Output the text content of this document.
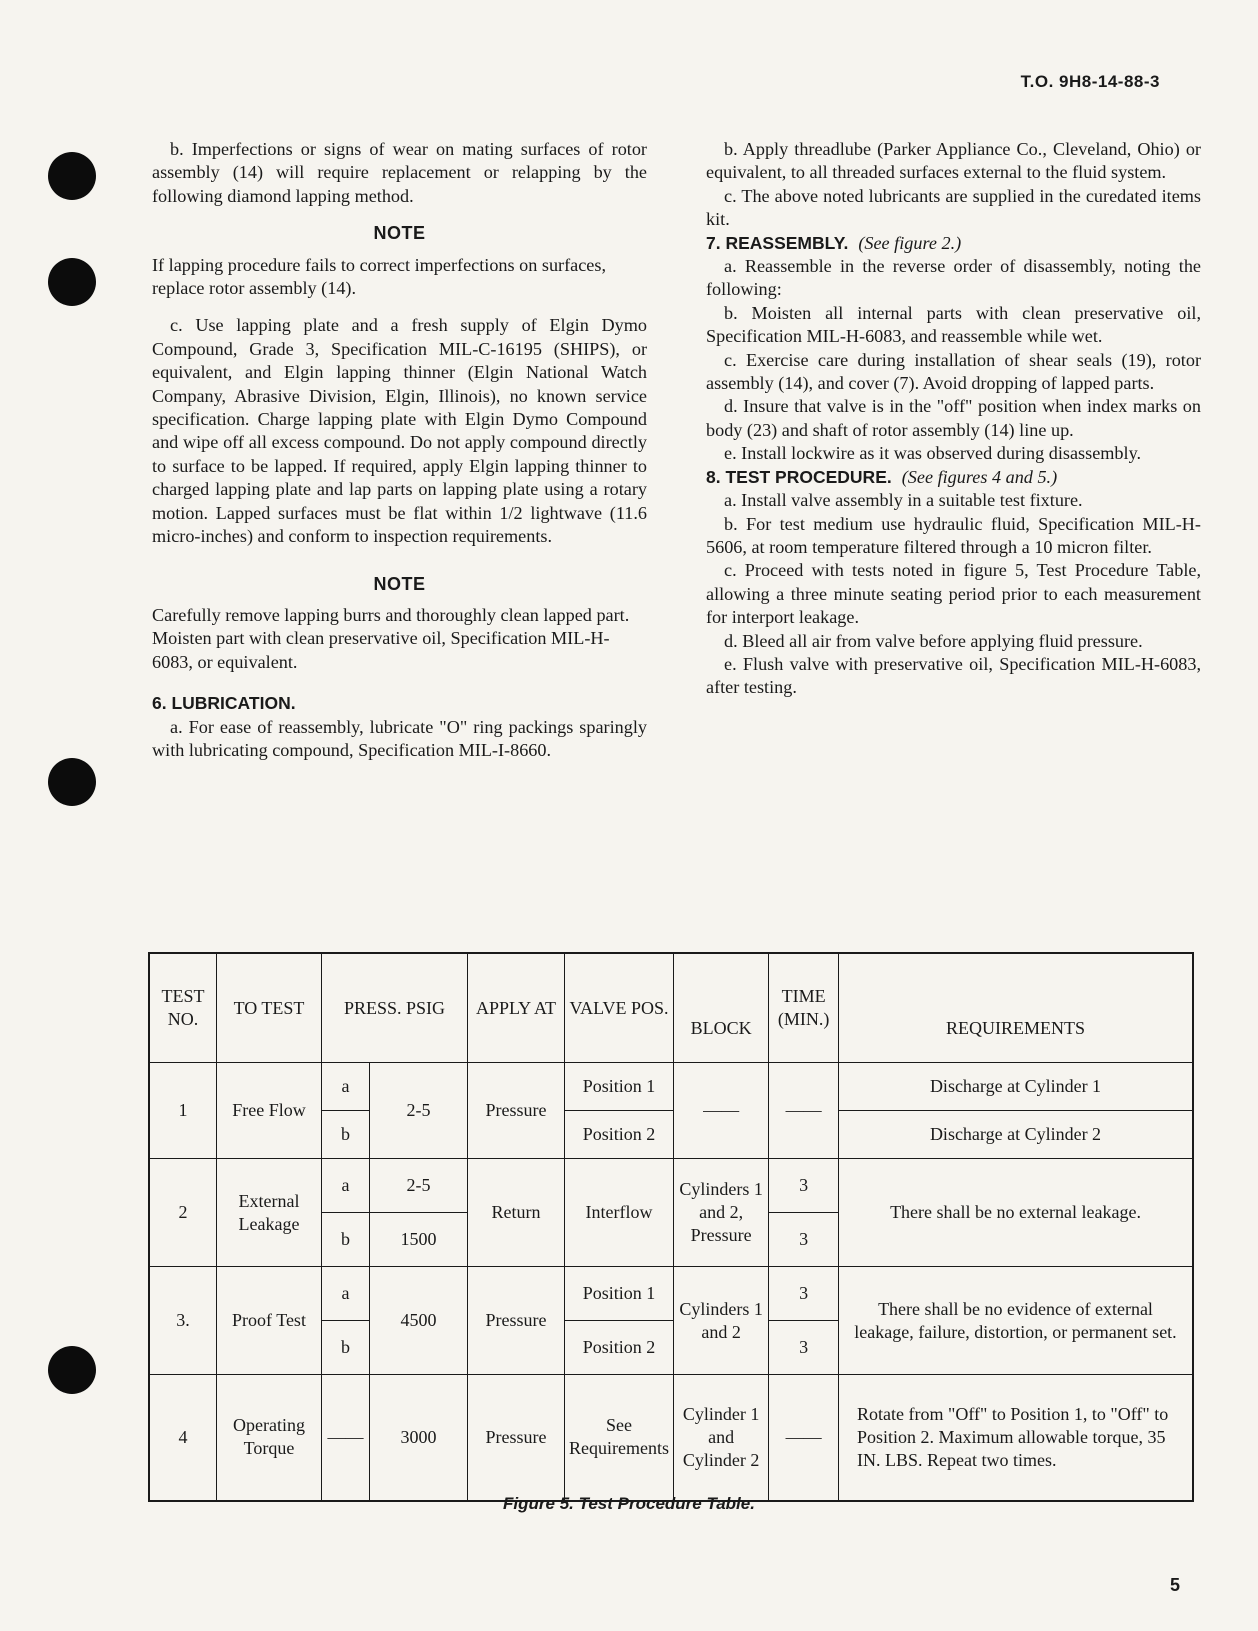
T.O. 9H8-14-88-3

b. Imperfections or signs of wear on mating surfaces of rotor assembly (14) will require replacement or relapping by the following diamond lapping method.

NOTE

If lapping procedure fails to correct imperfections on surfaces, replace rotor assembly (14).

c. Use lapping plate and a fresh supply of Elgin Dymo Compound, Grade 3, Specification MIL-C-16195 (SHIPS), or equivalent, and Elgin lapping thinner (Elgin National Watch Company, Abrasive Division, Elgin, Illinois), no known service specification. Charge lapping plate with Elgin Dymo Compound and wipe off all excess compound. Do not apply compound directly to surface to be lapped. If required, apply Elgin lapping thinner to charged lapping plate and lap parts on lapping plate using a rotary motion. Lapped surfaces must be flat within 1/2 lightwave (11.6 micro-inches) and conform to inspection requirements.

NOTE

Carefully remove lapping burrs and thoroughly clean lapped part. Moisten part with clean preservative oil, Specification MIL-H-6083, or equivalent.

6. LUBRICATION.

a. For ease of reassembly, lubricate "O" ring packings sparingly with lubricating compound, Specification MIL-I-8660.

b. Apply threadlube (Parker Appliance Co., Cleveland, Ohio) or equivalent, to all threaded surfaces external to the fluid system.

c. The above noted lubricants are supplied in the curedated items kit.

7. REASSEMBLY. (See figure 2.)

a. Reassemble in the reverse order of disassembly, noting the following:

b. Moisten all internal parts with clean preservative oil, Specification MIL-H-6083, and reassemble while wet.

c. Exercise care during installation of shear seals (19), rotor assembly (14), and cover (7). Avoid dropping of lapped parts.

d. Insure that valve is in the "off" position when index marks on body (23) and shaft of rotor assembly (14) line up.

e. Install lockwire as it was observed during disassembly.

8. TEST PROCEDURE. (See figures 4 and 5.)

a. Install valve assembly in a suitable test fixture.

b. For test medium use hydraulic fluid, Specification MIL-H-5606, at room temperature filtered through a 10 micron filter.

c. Proceed with tests noted in figure 5, Test Procedure Table, allowing a three minute seating period prior to each measurement for interport leakage.

d. Bleed all air from valve before applying fluid pressure.

e. Flush valve with preservative oil, Specification MIL-H-6083, after testing.

TEST NO.	TO TEST	PRESS. PSIG		APPLY AT	VALVE POS.	BLOCK	TIME (MIN.)	REQUIREMENTS
1	Free Flow	a	2-5	Pressure	Position 1	——	——	Discharge at Cylinder 1
		b			Position 2			Discharge at Cylinder 2
2	External Leakage	a	2-5	Return	Interflow	Cylinders 1 and 2, Pressure	3	There shall be no external leakage.
		b	1500				3	
3.	Proof Test	a	4500	Pressure	Position 1	Cylinders 1 and 2	3	There shall be no evidence of external leakage, failure, distortion, or permanent set.
		b			Position 2		3	
4	Operating Torque	——	3000	Pressure	See Requirements	Cylinder 1 and Cylinder 2	——	Rotate from "Off" to Position 1, to "Off" to Position 2. Maximum allowable torque, 35 IN. LBS. Repeat two times.
Figure 5. Test Procedure Table.
5
